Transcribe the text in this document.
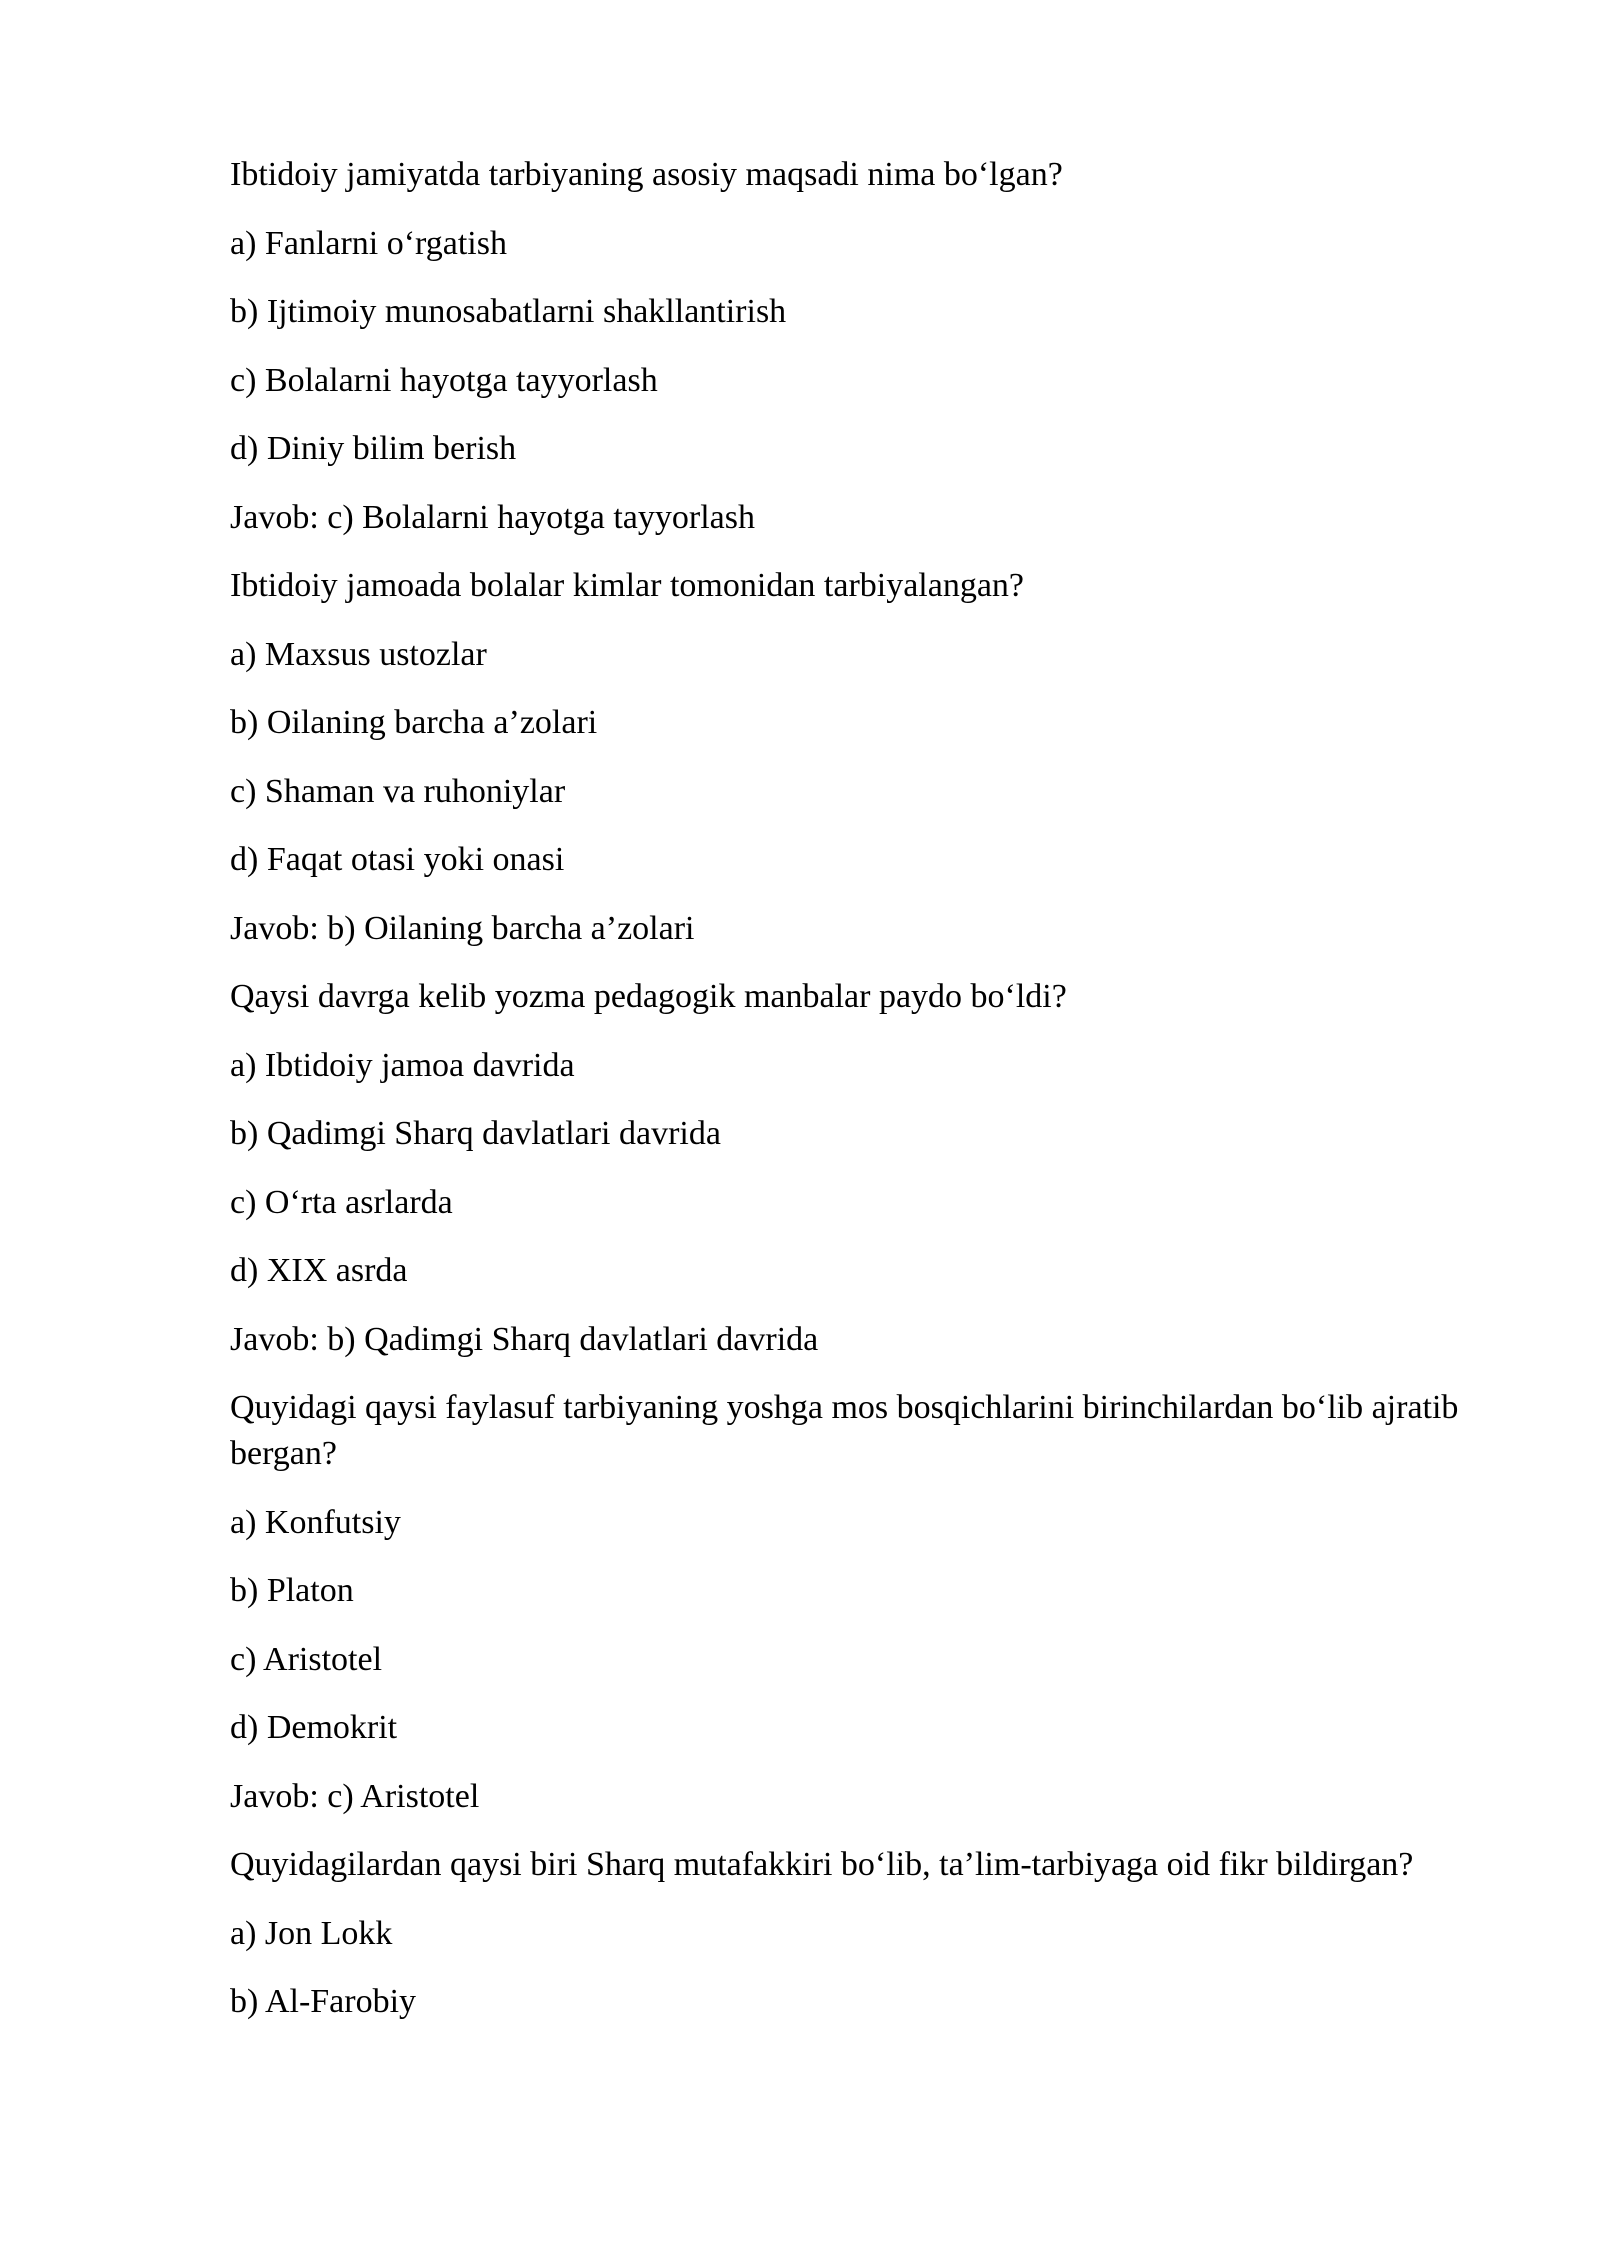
Ibtidoiy jamiyatda tarbiyaning asosiy maqsadi nima bo‘lgan?

a) Fanlarni o‘rgatish

b) Ijtimoiy munosabatlarni shakllantirish

c) Bolalarni hayotga tayyorlash

d) Diniy bilim berish

Javob: c) Bolalarni hayotga tayyorlash

Ibtidoiy jamoada bolalar kimlar tomonidan tarbiyalangan?

a) Maxsus ustozlar

b) Oilaning barcha a’zolari

c) Shaman va ruhoniylar

d) Faqat otasi yoki onasi

Javob: b) Oilaning barcha a’zolari

Qaysi davrga kelib yozma pedagogik manbalar paydo bo‘ldi?

a) Ibtidoiy jamoa davrida

b) Qadimgi Sharq davlatlari davrida

c) O‘rta asrlarda

d) XIX asrda

Javob: b) Qadimgi Sharq davlatlari davrida

Quyidagi qaysi faylasuf tarbiyaning yoshga mos bosqichlarini birinchilardan bo‘lib ajratib bergan?

a) Konfutsiy

b) Platon

c) Aristotel

d) Demokrit

Javob: c) Aristotel

Quyidagilardan qaysi biri Sharq mutafakkiri bo‘lib, ta’lim-tarbiyaga oid fikr bildirgan?

a) Jon Lokk

b) Al-Farobiy
